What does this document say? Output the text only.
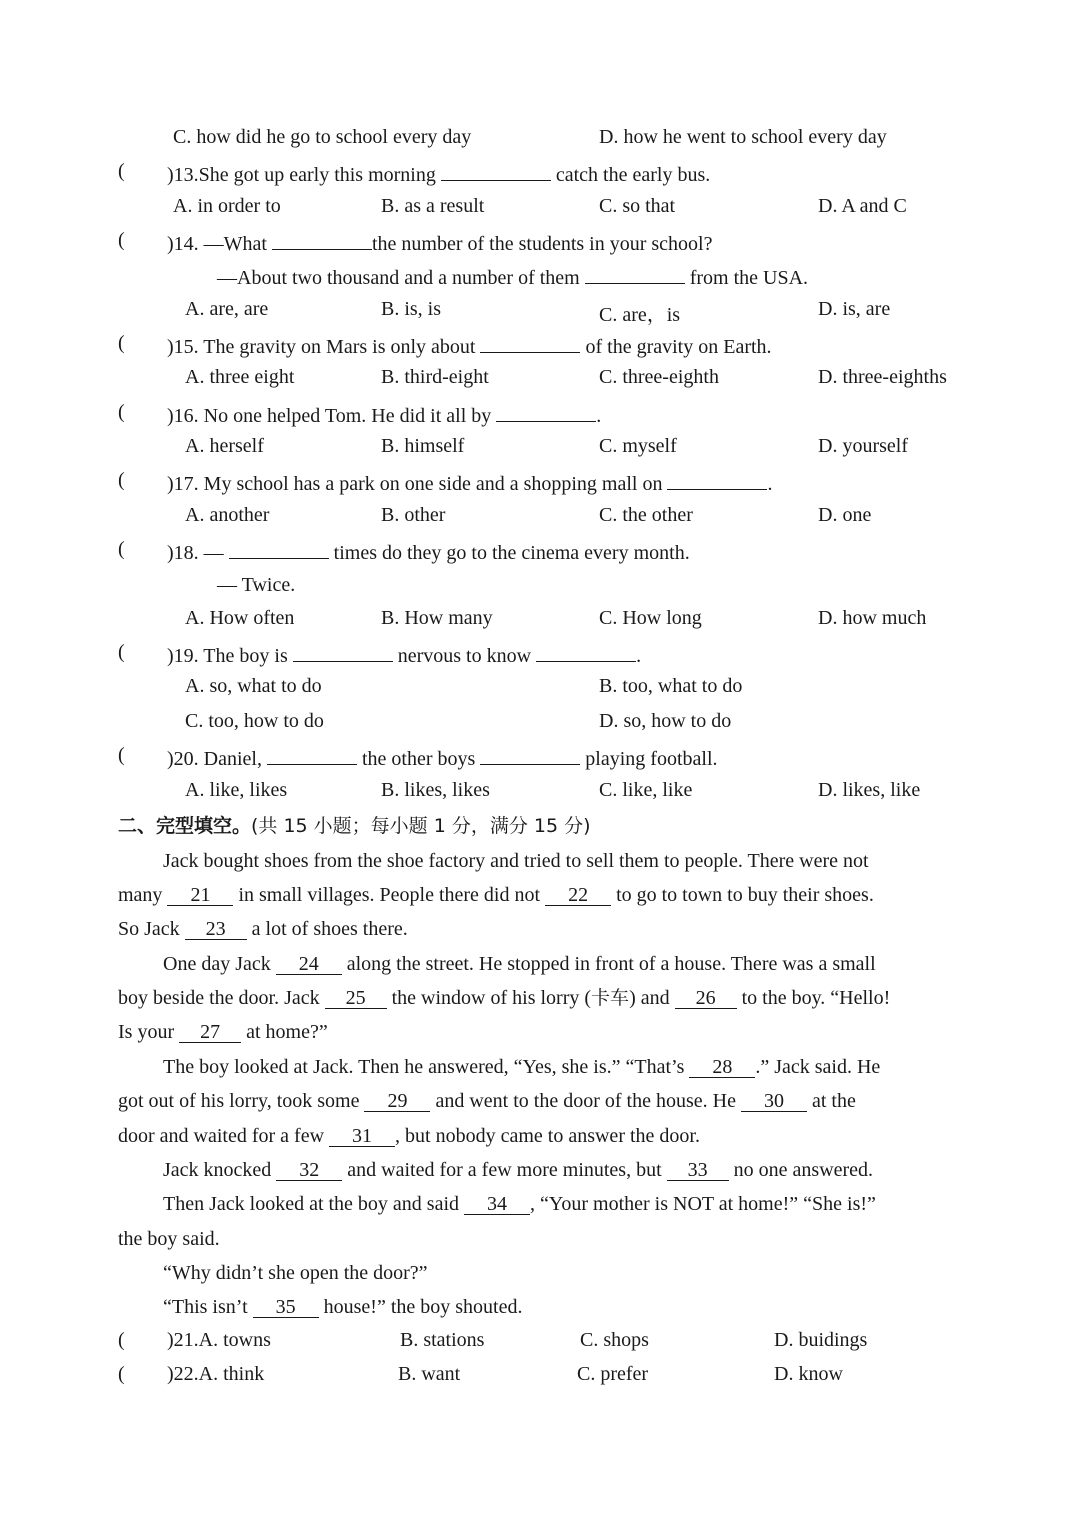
C. how did he go to school every day	D. how he went to school every day
( )13.She got up early this morning	catch the early bus.
A. in order to	B. as a result	C. so that	D. A and C
( )14. —What	the number of the students in your school?
—About two thousand and a number of them	from the USA.
A. are, are	B. is, is	C. are，is	D. is, are
( )15. The gravity on Mars is only about	of the gravity on Earth.
A. three eight	B. third-eight	C. three-eighth	D. three-eighths
( )16. No one helped Tom. He did it all by	.
A. herself	B. himself	C. myself	D. yourself
( )17. My school has a park on one side and a shopping mall on	.
A. another	B. other	C. the other	D. one
( )18. —	times do they go to the cinema every month.
— Twice.
A. How often	B. How many	C. How long	D. how much
( )19. The boy is	nervous to know	.
A. so, what to do	B. too, what to do
C. too, how to do	D. so, how to do
( )20. Daniel,	the other boys	playing football.
A. like, likes	B. likes, likes	C. like, like	D. likes, like
二、完型填空。(共 15 小题；每小题 1 分，满分 15 分)
Jack bought shoes from the shoe factory and tried to sell them to people. There were not
many 21 in small villages. People there did not 22 to go to town to buy their shoes.
So Jack 23 a lot of shoes there.
One day Jack 24 along the street. He stopped in front of a house. There was a small
boy beside the door. Jack 25 the window of his lorry (卡车) and 26 to the boy. “Hello!
Is your 27 at home?”
The boy looked at Jack. Then he answered, “Yes, she is.” “That’s 28 .” Jack said. He
got out of his lorry, took some 29 and went to the door of the house. He 30 at the
door and waited for a few 31 , but nobody came to answer the door.
Jack knocked 32 and waited for a few more minutes, but 33 no one answered.
Then Jack looked at the boy and said 34 , “Your mother is NOT at home!” “She is!”
the boy said.
“Why didn’t she open the door?”
“This isn’t 35 house!” the boy shouted.
( )21.A. towns	B. stations	C. shops	D. buidings
( )22.A. think	B. want	C. prefer	D. know
